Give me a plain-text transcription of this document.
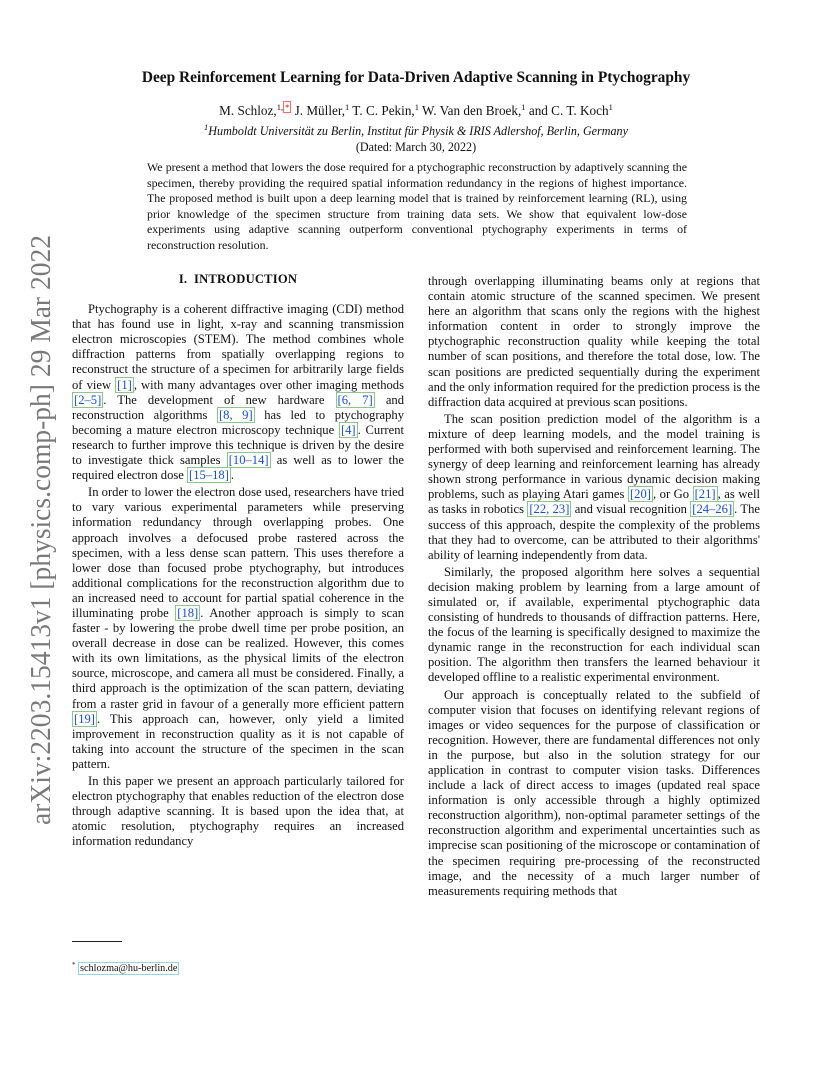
arXiv:2203.15413v1 [physics.comp-ph] 29 Mar 2022
Deep Reinforcement Learning for Data-Driven Adaptive Scanning in Ptychography
M. Schloz,$^{1,}$ * J. Müller,$^1$ T. C. Pekin,$^1$ W. Van den Broek,$^1$ and C. T. Koch$^1$
$^1$Humboldt Universität zu Berlin, Institut für Physik & IRIS Adlershof, Berlin, Germany
(Dated: March 30, 2022)
We present a method that lowers the dose required for a ptychographic reconstruction by adaptively scanning the specimen, thereby providing the required spatial information redundancy in the regions of highest importance. The proposed method is built upon a deep learning model that is trained by reinforcement learning (RL), using prior knowledge of the specimen structure from training data sets. We show that equivalent low-dose experiments using adaptive scanning outperform conventional ptychography experiments in terms of reconstruction resolution.
I. INTRODUCTION

Ptychography is a coherent diffractive imaging (CDI) method that has found use in light, x-ray and scanning transmission electron microscopies (STEM). The method combines whole diffraction patterns from spatially overlapping regions to reconstruct the structure of a specimen for arbitrarily large fields of view [1] , with many advantages over other imaging methods [2–5] . The development of new hardware [6, 7] and reconstruction algorithms [8, 9] has led to ptychography becoming a mature electron microscopy technique [4] . Current research to further improve this technique is driven by the desire to investigate thick samples [10–14] as well as to lower the required electron dose [15–18] .

In order to lower the electron dose used, researchers have tried to vary various experimental parameters while preserving information redundancy through overlapping probes. One approach involves a defocused probe rastered across the specimen, with a less dense scan pattern. This uses therefore a lower dose than focused probe ptychography, but introduces additional complications for the reconstruction algorithm due to an increased need to account for partial spatial coherence in the illuminating probe [18] . Another approach is simply to scan faster - by lowering the probe dwell time per probe position, an overall decrease in dose can be realized. However, this comes with its own limitations, as the physical limits of the electron source, microscope, and camera all must be considered. Finally, a third approach is the optimization of the scan pattern, deviating from a raster grid in favour of a generally more efficient pattern [19] . This approach can, however, only yield a limited improvement in reconstruction quality as it is not capable of taking into account the structure of the specimen in the scan pattern.

In this paper we present an approach particularly tailored for electron ptychography that enables reduction of the electron dose through adaptive scanning. It is based upon the idea that, at atomic resolution, ptychography requires an increased information redundancy

through overlapping illuminating beams only at regions that contain atomic structure of the scanned specimen. We present here an algorithm that scans only the regions with the highest information content in order to strongly improve the ptychographic reconstruction quality while keeping the total number of scan positions, and therefore the total dose, low. The scan positions are predicted sequentially during the experiment and the only information required for the prediction process is the diffraction data acquired at previous scan positions.

The scan position prediction model of the algorithm is a mixture of deep learning models, and the model training is performed with both supervised and reinforcement learning. The synergy of deep learning and reinforcement learning has already shown strong performance in various dynamic decision making problems, such as playing Atari games [20] , or Go [21] , as well as tasks in robotics [22, 23] and visual recognition [24–26] . The success of this approach, despite the complexity of the problems that they had to overcome, can be attributed to their algorithms' ability of learning independently from data.

Similarly, the proposed algorithm here solves a sequential decision making problem by learning from a large amount of simulated or, if available, experimental ptychographic data consisting of hundreds to thousands of diffraction patterns. Here, the focus of the learning is specifically designed to maximize the dynamic range in the reconstruction for each individual scan position. The algorithm then transfers the learned behaviour it developed offline to a realistic experimental environment.

Our approach is conceptually related to the subfield of computer vision that focuses on identifying relevant regions of images or video sequences for the purpose of classification or recognition. However, there are fundamental differences not only in the purpose, but also in the solution strategy for our application in contrast to computer vision tasks. Differences include a lack of direct access to images (updated real space information is only accessible through a highly optimized reconstruction algorithm), non-optimal parameter settings of the reconstruction algorithm and experimental uncertainties such as imprecise scan positioning of the microscope or contamination of the specimen requiring pre-processing of the reconstructed image, and the necessity of a much larger number of measurements requiring methods that

* schlozma@hu-berlin.de
